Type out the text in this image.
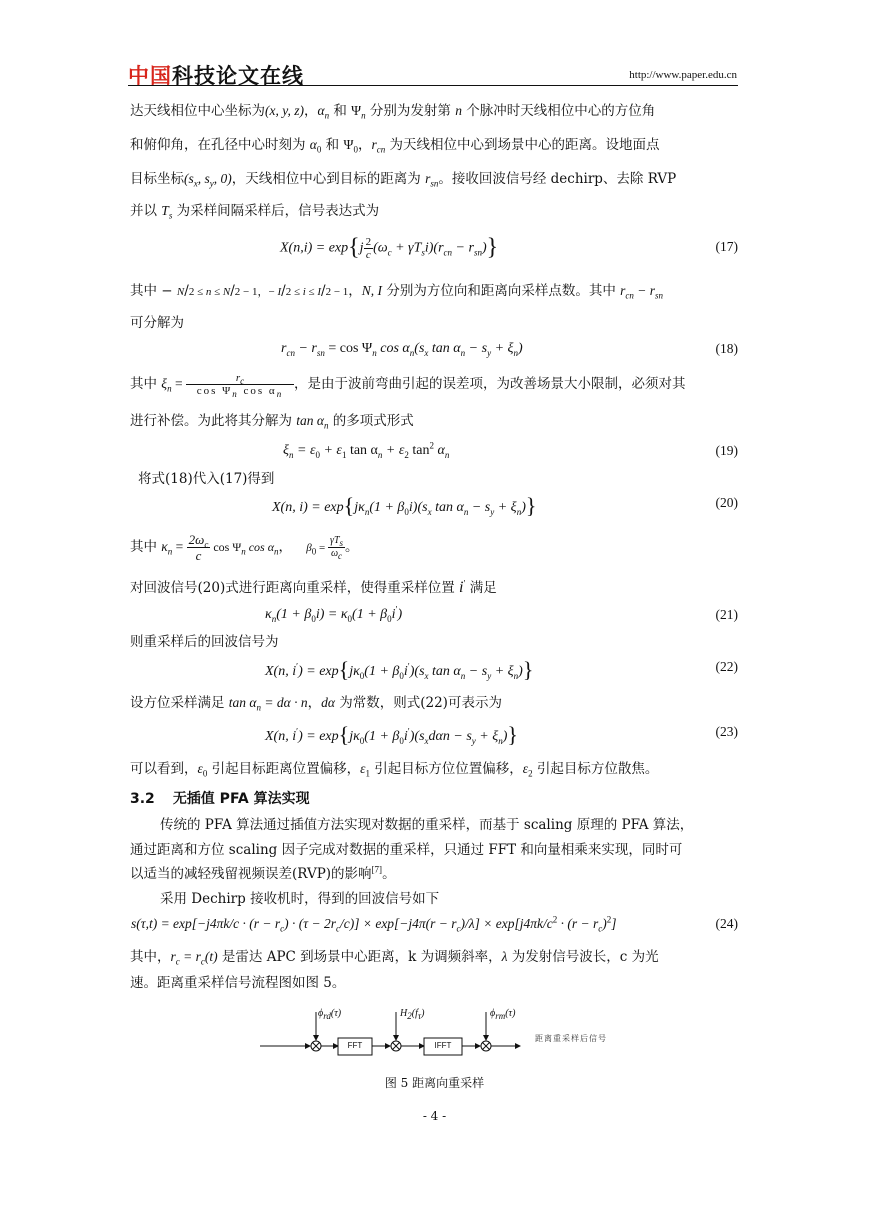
中国科技论文在线	http://www.paper.edu.cn
达天线相位中心坐标为(x, y, z)，$\alpha_n$ 和 $\Psi_n$ 分别为发射第 n 个脉冲时天线相位中心的方位角
和俯仰角，在孔径中心时刻为 $\alpha_0$ 和 $\Psi_0$，$r_{cn}$ 为天线相位中心到场景中心的距离。设地面点
目标坐标($s_x$, $s_y$, 0)，天线相位中心到目标的距离为 $r_{sn}$。接收回波信号经 dechirp、去除 RVP
并以 $T_s$ 为采样间隔采样后，信号表达式为
$X(n,i) = \exp\{j \frac{2}{c} (\omega_c + \gamma T_si)(r_{cn} - r_{sn})\}$	(17)
其中 − N/2 ≤ n ≤ N/2 − 1，− I/2 ≤ i ≤ I/2 − 1，N, I 分别为方位向和距离向采样点数。其中 $r_{cn} - r_{sn}$
可分解为
$r_{cn} - r_{sn} = \cos \Psi_n$ $\cos \alpha_n(s_x$ $\tan \alpha_n - s_y + \xi_n$)	(18)
其中 $\xi_n = \frac{r_c}{\cos \Psi_n \cos \alpha_n}$ ，是由于波前弯曲引起的误差项，为改善场景大小限制，必须对其
进行补偿。为此将其分解为 $\tan \alpha_n$ 的多项式形式
$\xi_n = \varepsilon_0 + \varepsilon_1$ $\tan \alpha_n + \varepsilon_2$ $\tan^2 \alpha_n$	(19)
将式(18)代入(17)得到
X(n, $i) = \exp\{j\kappa_n(1 + \beta_0i)(s_x$ $\tan \alpha_n - s_y + \xi_n$)}	(20)
其中 $\kappa_n = \frac{2\omega_c}{c}$ $\cos \Psi_n$ $\cos \alpha_n$， $\beta_0 = \frac{\gamma T_s}{\omega_c}$ 。
对回波信号(20)式进行距离向重采样，使得重采样位置 i′ 满足
$\kappa_n(1 + \beta_0i) = \kappa_0(1 + \beta_0i')$	(21)
则重采样后的回波信号为
X(n, $i') = \exp\{j\kappa_0(1 + \beta_0i')(s_x$ $\tan \alpha_n - s_y + \xi_n$)}	(22)
设方位采样满足 $\tan \alpha_n = d\alpha \cdot n$，dα 为常数，则式(22)可表示为
X(n, $i') = \exp\{j\kappa_0(1 + \beta_0i')(s_xd\alpha n - s_y + \xi_n)\}$	(23)
可以看到，$\varepsilon_0$ 引起目标距离位置偏移，$\varepsilon_1$ 引起目标方位位置偏移，$\varepsilon_2$ 引起目标方位散焦。
3.2 无插值 PFA 算法实现
传统的 PFA 算法通过插值方法实现对数据的重采样，而基于 scaling 原理的 PFA 算法，
通过距离和方位 scaling 因子完成对数据的重采样，只通过 FFT 和向量相乘来实现，同时可
以适当的减轻残留视频误差(RVP)的影响[7]。
采用 Dechirp 接收机时，得到的回波信号如下
$s(\tau,t) = \exp[-j4\pi k/c \cdot (r - r_c) \cdot (\tau - 2r_c/c)] \times \exp[-j4\pi(r - r_c)/\lambda] \times \exp[j4\pi k/c^2 \cdot (r - r_c)^2]$	(24)
其中，$r_c = r_c(t)$ 是雷达 APC 到场景中心距离，k 为调频斜率，λ 为发射信号波长，c 为光
速。距离重采样信号流程图如图 5。
$\phi_{rd}(\tau)$	$H_2(f_\tau)$	$\phi_{rm}(\tau)$
FFT	IFFT
距离重采样后信号
图 5 距离向重采样
- 4 -
